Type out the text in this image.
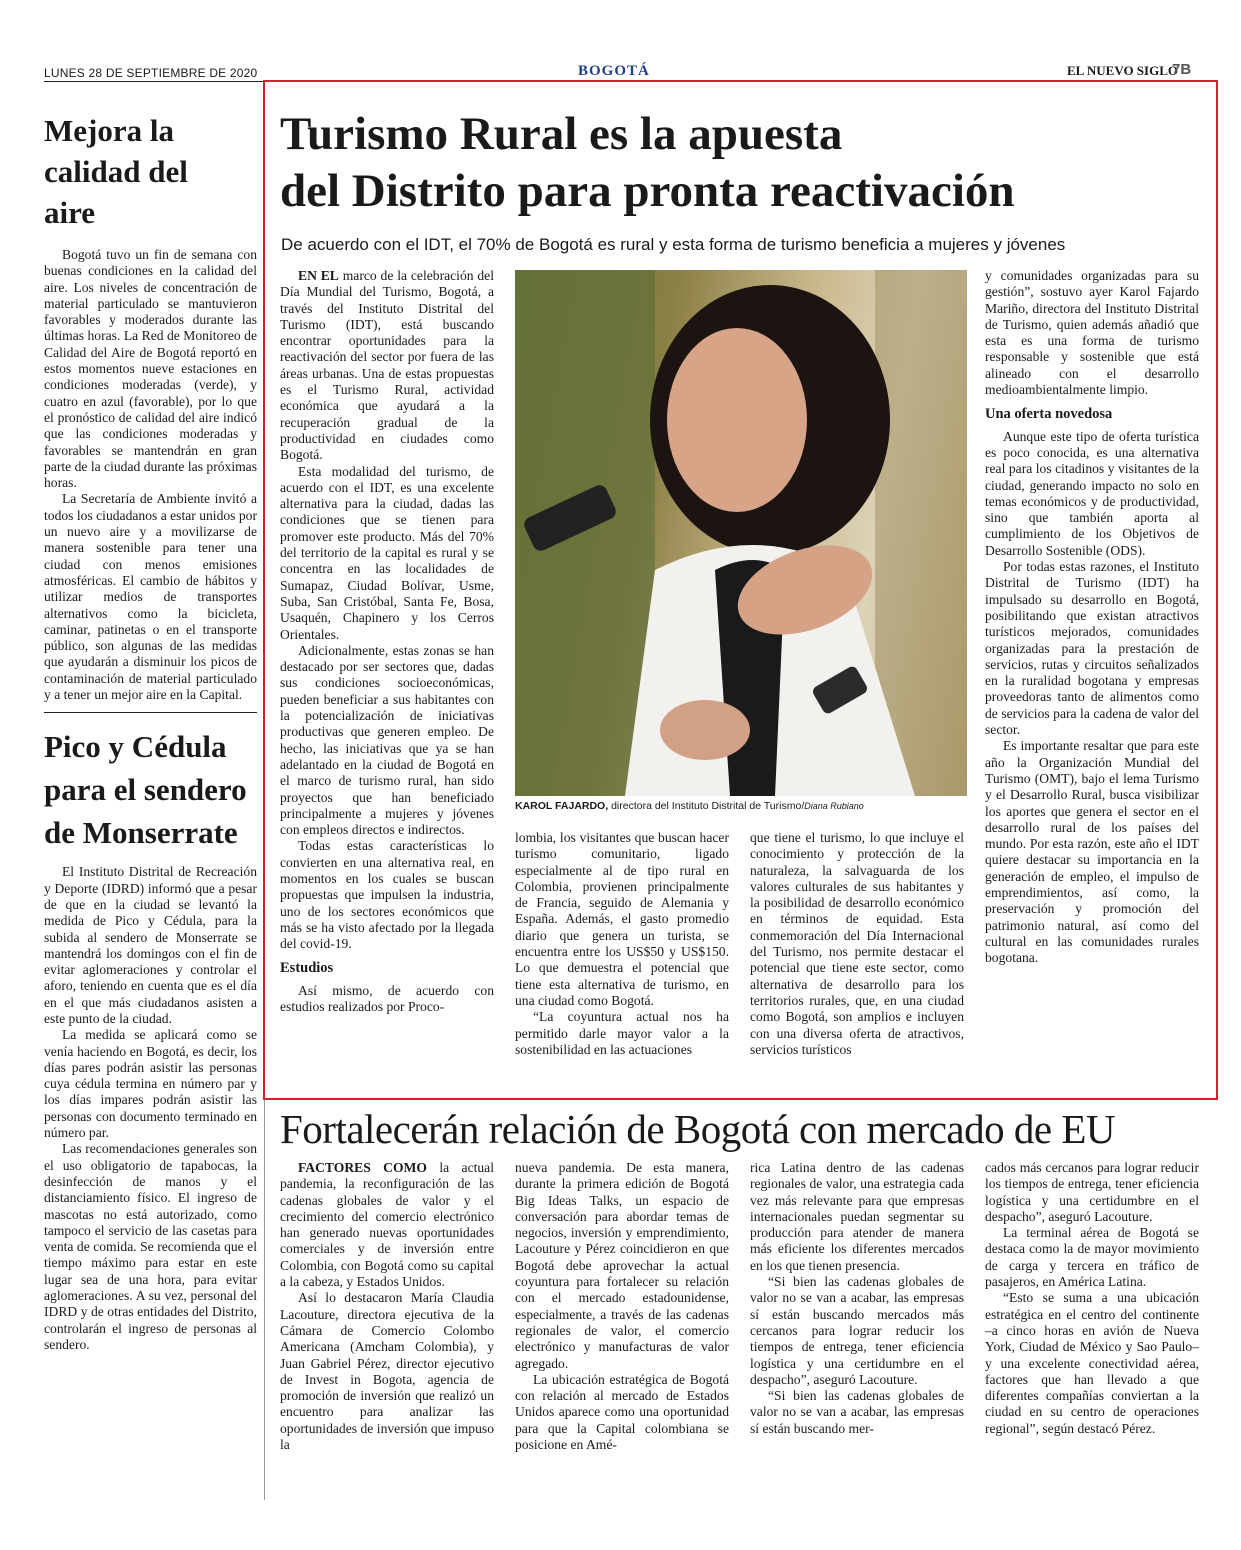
LUNES 28 DE SEPTIEMBRE DE 2020	BOGOTÁ	EL NUEVO SIGLO
7B
Mejora la calidad del aire

Bogotá tuvo un fin de semana con buenas condiciones en la calidad del aire. Los niveles de concentración de material particulado se mantuvieron favorables y moderados durante las últimas horas. La Red de Monitoreo de Calidad del Aire de Bogotá reportó en estos momentos nueve estaciones en condiciones moderadas (verde), y cuatro en azul (favorable), por lo que el pronóstico de calidad del aire indicó que las condiciones moderadas y favorables se mantendrán en gran parte de la ciudad durante las próximas horas.

La Secretaría de Ambiente invitó a todos los ciudadanos a estar unidos por un nuevo aire y a movilizarse de manera sostenible para tener una ciudad con menos emisiones atmosféricas. El cambio de hábitos y utilizar medios de transportes alternativos como la bicicleta, caminar, patinetas o en el transporte público, son algunas de las medidas que ayudarán a disminuir los picos de contaminación de material particulado y a tener un mejor aire en la Capital.

Pico y Cédula para el sendero de Monserrate

El Instituto Distrital de Recreación y Deporte (IDRD) informó que a pesar de que en la ciudad se levantó la medida de Pico y Cédula, para la subida al sendero de Monserrate se mantendrá los domingos con el fin de evitar aglomeraciones y controlar el aforo, teniendo en cuenta que es el día en el que más ciudadanos asisten a este punto de la ciudad.

La medida se aplicará como se venía haciendo en Bogotá, es decir, los días pares podrán asistir las personas cuya cédula termina en número par y los días impares podrán asistir las personas con documento terminado en número par.

Las recomendaciones generales son el uso obligatorio de tapabocas, la desinfección de manos y el distanciamiento físico. El ingreso de mascotas no está autorizado, como tampoco el servicio de las casetas para venta de comida. Se recomienda que el tiempo máximo para estar en este lugar sea de una hora, para evitar aglomeraciones. A su vez, personal del IDRD y de otras entidades del Distrito, controlarán el ingreso de personas al sendero.

Turismo Rural es la apuesta
del Distrito para pronta reactivación
De acuerdo con el IDT, el 70% de Bogotá es rural y esta forma de turismo beneficia a mujeres y jóvenes

EN EL marco de la celebración del Día Mundial del Turismo, Bogotá, a través del Instituto Distrital del Turismo (IDT), está buscando encontrar oportunidades para la reactivación del sector por fuera de las áreas urbanas. Una de estas propuestas es el Turismo Rural, actividad económica que ayudará a la recuperación gradual de la productividad en ciudades como Bogotá.

Esta modalidad del turismo, de acuerdo con el IDT, es una excelente alternativa para la ciudad, dadas las condiciones que se tienen para promover este producto. Más del 70% del territorio de la capital es rural y se concentra en las localidades de Sumapaz, Ciudad Bolívar, Usme, Suba, San Cristóbal, Santa Fe, Bosa, Usaquén, Chapinero y los Cerros Orientales.

Adicionalmente, estas zonas se han destacado por ser sectores que, dadas sus condiciones socioeconómicas, pueden beneficiar a sus habitantes con la potencialización de iniciativas productivas que generen empleo. De hecho, las iniciativas que ya se han adelantado en la ciudad de Bogotá en el marco de turismo rural, han sido proyectos que han beneficiado principalmente a mujeres y jóvenes con empleos directos e indirectos.

Todas estas características lo convierten en una alternativa real, en momentos en los cuales se buscan propuestas que impulsen la industria, uno de los sectores económicos que más se ha visto afectado por la llegada del covid-19.

Estudios

Así mismo, de acuerdo con estudios realizados por Proco-

KAROL FAJARDO, directora del Instituto Distrital de Turismo/Diana Rubiano

lombia, los visitantes que buscan hacer turismo comunitario, ligado especialmente al de tipo rural en Colombia, provienen principalmente de Francia, seguido de Alemania y España. Además, el gasto promedio diario que genera un turista, se encuentra entre los US$50 y US$150. Lo que demuestra el potencial que tiene esta alternativa de turismo, en una ciudad como Bogotá.

“La coyuntura actual nos ha permitido darle mayor valor a la sostenibilidad en las actuaciones

que tiene el turismo, lo que incluye el conocimiento y protección de la naturaleza, la salvaguarda de los valores culturales de sus habitantes y la posibilidad de desarrollo económico en términos de equidad. Esta conmemoración del Día Internacional del Turismo, nos permite destacar el potencial que tiene este sector, como alternativa de desarrollo para los territorios rurales, que, en una ciudad como Bogotá, son amplios e incluyen con una diversa oferta de atractivos, servicios turísticos

y comunidades organizadas para su gestión”, sostuvo ayer Karol Fajardo Mariño, directora del Instituto Distrital de Turismo, quien además añadió que esta es una forma de turismo responsable y sostenible que está alineado con el desarrollo medioambientalmente limpio.

Una oferta novedosa

Aunque este tipo de oferta turística es poco conocida, es una alternativa real para los citadinos y visitantes de la ciudad, generando impacto no solo en temas económicos y de productividad, sino que también aporta al cumplimiento de los Objetivos de Desarrollo Sostenible (ODS).

Por todas estas razones, el Instituto Distrital de Turismo (IDT) ha impulsado su desarrollo en Bogotá, posibilitando que existan atractivos turísticos mejorados, comunidades organizadas para la prestación de servicios, rutas y circuitos señalizados en la ruralidad bogotana y empresas proveedoras tanto de alimentos como de servicios para la cadena de valor del sector.

Es importante resaltar que para este año la Organización Mundial del Turismo (OMT), bajo el lema Turismo y el Desarrollo Rural, busca visibilizar los aportes que genera el sector en el desarrollo rural de los países del mundo. Por esta razón, este año el IDT quiere destacar su importancia en la generación de empleo, el impulso de emprendimientos, así como, la preservación y promoción del patrimonio natural, así como del cultural en las comunidades rurales bogotana.

Fortalecerán relación de Bogotá con mercado de EU

FACTORES COMO la actual pandemia, la reconfiguración de las cadenas globales de valor y el crecimiento del comercio electrónico han generado nuevas oportunidades comerciales y de inversión entre Colombia, con Bogotá como su capital a la cabeza, y Estados Unidos.

Así lo destacaron María Claudia Lacouture, directora ejecutiva de la Cámara de Comercio Colombo Americana (Amcham Colombia), y Juan Gabriel Pérez, director ejecutivo de Invest in Bogota, agencia de promoción de inversión que realizó un encuentro para analizar las oportunidades de inversión que impuso la

nueva pandemia. De esta manera, durante la primera edición de Bogotá Big Ideas Talks, un espacio de conversación para abordar temas de negocios, inversión y emprendimiento, Lacouture y Pérez coincidieron en que Bogotá debe aprovechar la actual coyuntura para fortalecer su relación con el mercado estadounidense, especialmente, a través de las cadenas regionales de valor, el comercio electrónico y manufacturas de valor agregado.

La ubicación estratégica de Bogotá con relación al mercado de Estados Unidos aparece como una oportunidad para que la Capital colombiana se posicione en Amé-

rica Latina dentro de las cadenas regionales de valor, una estrategia cada vez más relevante para que empresas internacionales puedan segmentar su producción para atender de manera más eficiente los diferentes mercados en los que tienen presencia.

“Si bien las cadenas globales de valor no se van a acabar, las empresas sí están buscando mercados más cercanos para lograr reducir los tiempos de entrega, tener eficiencia logística y una certidumbre en el despacho”, aseguró Lacouture.

“Si bien las cadenas globales de valor no se van a acabar, las empresas sí están buscando mer-

cados más cercanos para lograr reducir los tiempos de entrega, tener eficiencia logística y una certidumbre en el despacho”, aseguró Lacouture.

La terminal aérea de Bogotá se destaca como la de mayor movimiento de carga y tercera en tráfico de pasajeros, en América Latina.

“Esto se suma a una ubicación estratégica en el centro del continente –a cinco horas en avión de Nueva York, Ciudad de México y Sao Paulo– y una excelente conectividad aérea, factores que han llevado a que diferentes compañías conviertan a la ciudad en su centro de operaciones regional”, según destacó Pérez.
